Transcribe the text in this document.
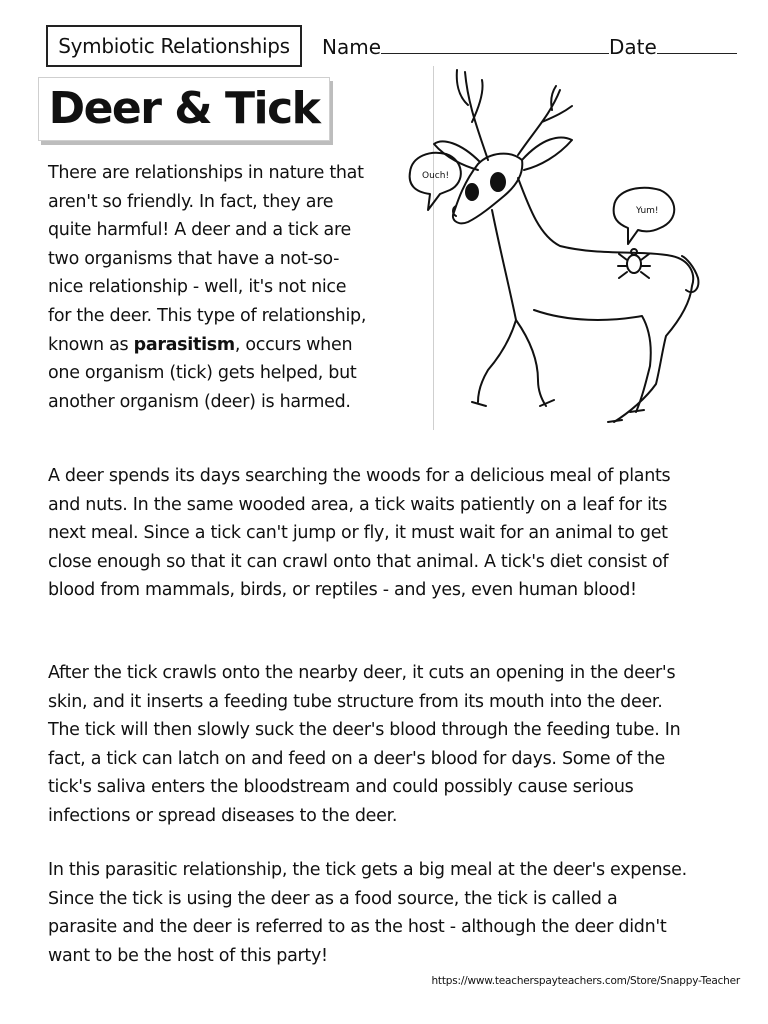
Symbiotic Relationships	Name	Date
Deer & Tick
There are relationships in nature that aren't so friendly. In fact, they are quite harmful! A deer and a tick are two organisms that have a not-so-nice relationship - well, it's not nice for the deer. This type of relationship, known as parasitism, occurs when one organism (tick) gets helped, but another organism (deer) is harmed.
Ouch!
Yum!
A deer spends its days searching the woods for a delicious meal of plants and nuts. In the same wooded area, a tick waits patiently on a leaf for its next meal. Since a tick can't jump or fly, it must wait for an animal to get close enough so that it can crawl onto that animal. A tick's diet consist of blood from mammals, birds, or reptiles - and yes, even human blood!
After the tick crawls onto the nearby deer, it cuts an opening in the deer's skin, and it inserts a feeding tube structure from its mouth into the deer. The tick will then slowly suck the deer's blood through the feeding tube. In fact, a tick can latch on and feed on a deer's blood for days. Some of the tick's saliva enters the bloodstream and could possibly cause serious infections or spread diseases to the deer.
In this parasitic relationship, the tick gets a big meal at the deer's expense. Since the tick is using the deer as a food source, the tick is called a parasite and the deer is referred to as the host - although the deer didn't want to be the host of this party!
https://www.teacherspayteachers.com/Store/Snappy-Teacher
